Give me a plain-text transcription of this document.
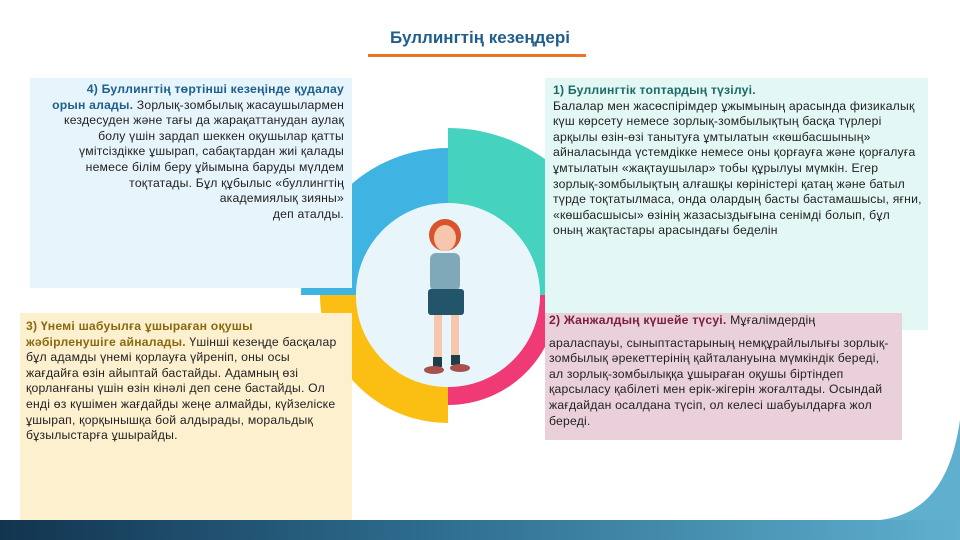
Буллингтің кезеңдері
4) Буллингтің төртінші кезеңінде қудалау орын алады. Зорлық-зомбылық жасаушылармен кездесуден және тағы да жарақаттанудан аулақ болу үшін зардап шеккен оқушылар қатты үмітсіздікке ұшырап, сабақтардан жиі қалады немесе білім беру ұйымына баруды мүлдем тоқтатады. Бұл құбылыс «буллингтің академиялық зияны»
деп аталды.
1) Буллингтік топтардың түзілуі.
Балалар мен жасөспірімдер ұжымының арасында физикалық күш көрсету немесе зорлық-зомбылықтың басқа түрлері арқылы өзін-өзі танытуға ұмтылатын «көшбасшының» айналасында үстемдікке немесе оны қорғауға және қорғалуға ұмтылатын «жақтаушылар» тобы құрылуы мүмкін. Егер зорлық-зомбылықтың алғашқы көріністері қатаң және батыл түрде тоқтатылмаса, онда олардың басты бастамашысы, яғни, «көшбасшысы» өзінің жазасыздығына сенімді болып, бұл оның жақтастары арасындағы беделін
2) Жанжалдың күшейе түсуі. Мұғалімдердің
араласпауы, сыныптастарының немқұрайлылығы зорлық-зомбылық әрекеттерінің қайталануына мүмкіндік береді, ал зорлық-зомбылыққа ұшыраған оқушы біртіндеп қарсыласу қабілеті мен ерік-жігерін жоғалтады. Осындай жағдайдан осалдана түсіп, ол келесі шабуылдарға жол береді.
3) Үнемі шабуылға ұшыраған оқушы жәбірленушіге айналады. Үшінші кезеңде басқалар бұл адамды үнемі қорлауға үйреніп, оны осы жағдайға өзін айыптай бастайды. Адамның өзі қорланғаны үшін өзін кінәлі деп сене бастайды. Ол енді өз күшімен жағдайды жеңе алмайды, күйзеліске ұшырап, қорқынышқа бой алдырады, моральдық бұзылыстарға ұшырайды.
